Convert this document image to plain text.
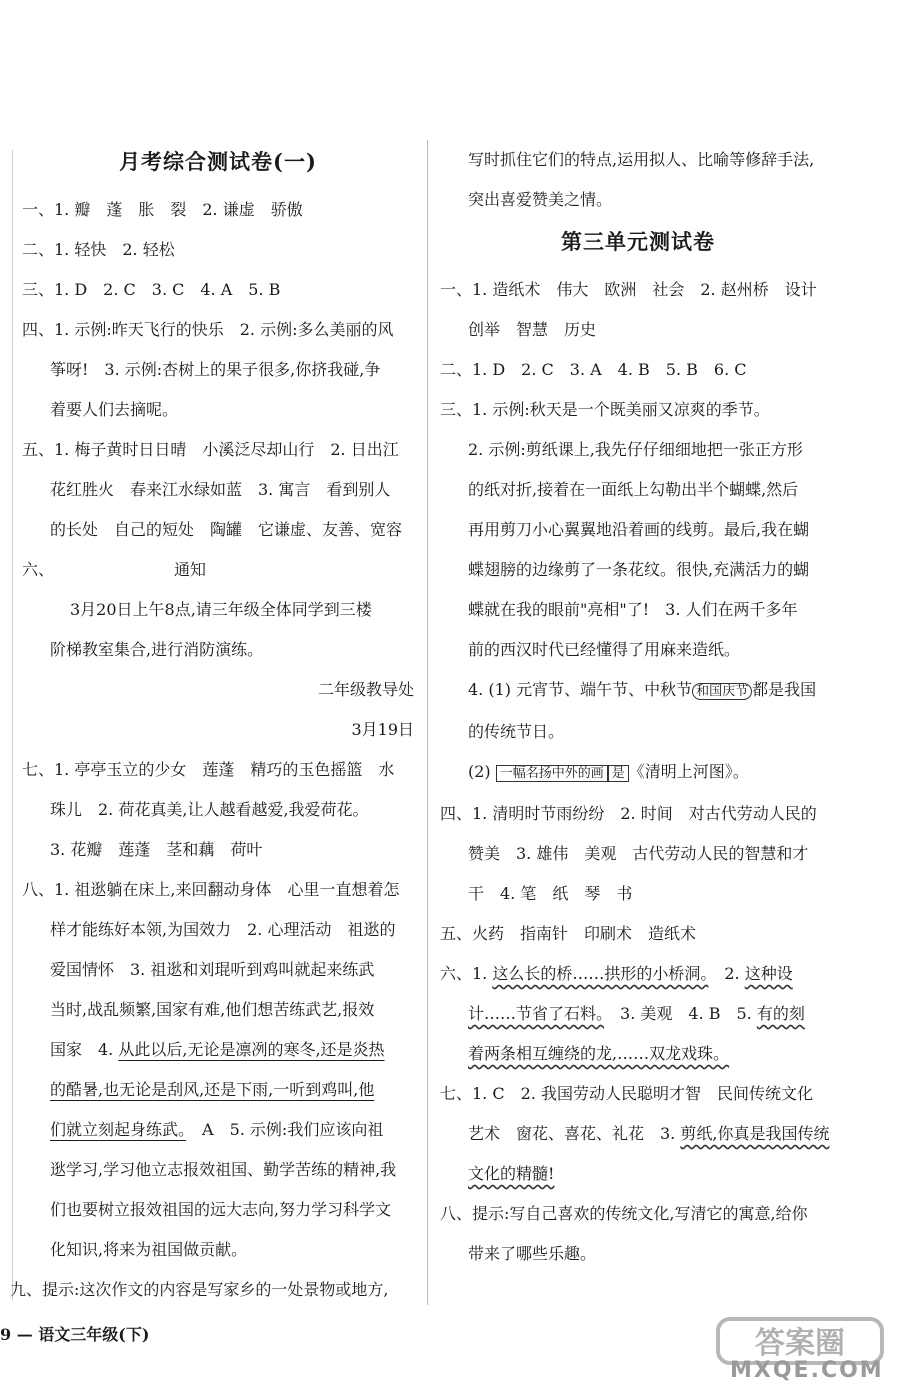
月考综合测试卷(一)

一、1. 瓣　蓬　胀　裂　2. 谦虚　骄傲

二、1. 轻快　2. 轻松

三、1. D　2. C　3. C　4. A　5. B

四、1. 示例:昨天飞行的快乐　2. 示例:多么美丽的风

筝呀!　3. 示例:杏树上的果子很多,你挤我碰,争

着要人们去摘呢。

五、1. 梅子黄时日日晴　小溪泛尽却山行　2. 日出江

花红胜火　春来江水绿如蓝　3. 寓言　看到别人

的长处　自己的短处　陶罐　它谦虚、友善、宽容

六、	通知

3月20日上午8点,请三年级全体同学到三楼

阶梯教室集合,进行消防演练。

二年级教导处

3月19日

七、1. 亭亭玉立的少女　莲蓬　精巧的玉色摇篮　水

珠儿　2. 荷花真美,让人越看越爱,我爱荷花。

3. 花瓣　莲蓬　茎和藕　荷叶

八、1. 祖逖躺在床上,来回翻动身体　心里一直想着怎

样才能练好本领,为国效力　2. 心理活动　祖逖的

爱国情怀　3. 祖逖和刘琨听到鸡叫就起来练武

当时,战乱频繁,国家有难,他们想苦练武艺,报效

国家　4. 从此以后,无论是凛冽的寒冬,还是炎热

的酷暑,也无论是刮风,还是下雨,一听到鸡叫,他

们就立刻起身练武。　A　5. 示例:我们应该向祖

逖学习,学习他立志报效祖国、勤学苦练的精神,我

们也要树立报效祖国的远大志向,努力学习科学文

化知识,将来为祖国做贡献。

九、提示:这次作文的内容是写家乡的一处景物或地方,

写时抓住它们的特点,运用拟人、比喻等修辞手法,

突出喜爱赞美之情。

第三单元测试卷

一、1. 造纸术　伟大　欧洲　社会　2. 赵州桥　设计

创举　智慧　历史

二、1. D　2. C　3. A　4. B　5. B　6. C

三、1. 示例:秋天是一个既美丽又凉爽的季节。

2. 示例:剪纸课上,我先仔仔细细地把一张正方形

的纸对折,接着在一面纸上勾勒出半个蝴蝶,然后

再用剪刀小心翼翼地沿着画的线剪。最后,我在蝴

蝶翅膀的边缘剪了一条花纹。很快,充满活力的蝴

蝶就在我的眼前"亮相"了!　3. 人们在两千多年

前的西汉时代已经懂得了用麻来造纸。

4. (1) 元宵节、端午节、中秋节 和国庆节 都是我国

的传统节日。

(2) 一幅名扬中外的画 是 《清明上河图》。

四、1. 清明时节雨纷纷　2. 时间　对古代劳动人民的

赞美　3. 雄伟　美观　古代劳动人民的智慧和才

干　4. 笔　纸　琴　书

五、火药　指南针　印刷术　造纸术

六、1. 这么长的桥……拱形的小桥洞。　2. 这种设

计……节省了石料。　3. 美观　4. B　5. 有的刻

着两条相互缠绕的龙,……双龙戏珠。

七、1. C　2. 我国劳动人民聪明才智　民间传统文化

艺术　窗花、喜花、礼花　3. 剪纸,你真是我国传统

文化的精髓!

八、提示:写自己喜欢的传统文化,写清它的寓意,给你

带来了哪些乐趣。

9 — 语文三年级(下)	答案圈
MXQE.COM
